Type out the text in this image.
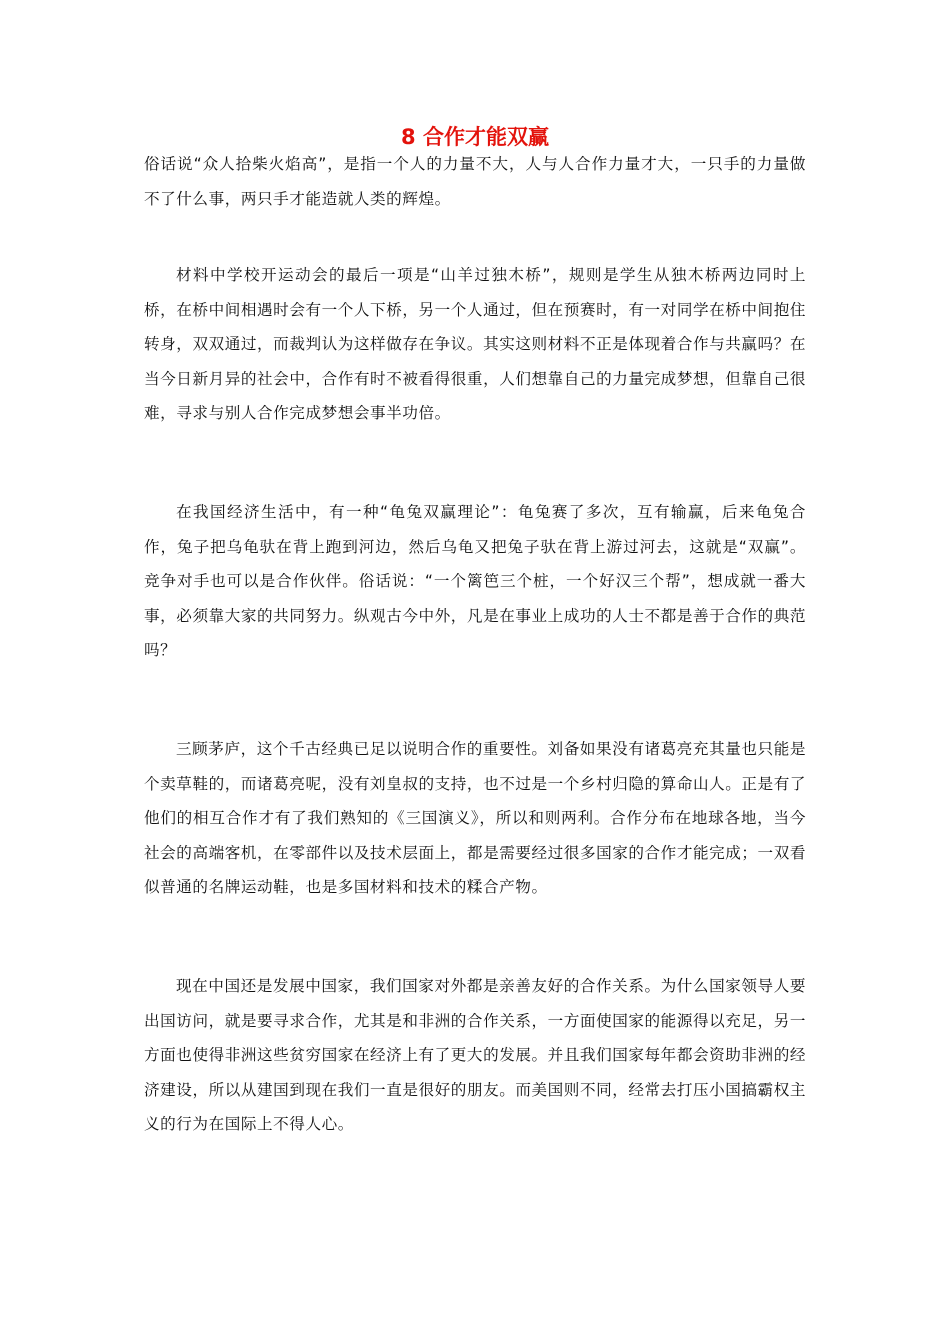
8 合作才能双赢

俗话说“众人拾柴火焰高”，是指一个人的力量不大，人与人合作力量才大，一只手的力量做不了什么事，两只手才能造就人类的辉煌。

材料中学校开运动会的最后一项是“山羊过独木桥”，规则是学生从独木桥两边同时上桥，在桥中间相遇时会有一个人下桥，另一个人通过，但在预赛时，有一对同学在桥中间抱住转身，双双通过，而裁判认为这样做存在争议。其实这则材料不正是体现着合作与共赢吗？在当今日新月异的社会中，合作有时不被看得很重，人们想靠自己的力量完成梦想，但靠自己很难，寻求与别人合作完成梦想会事半功倍。

在我国经济生活中，有一种“龟兔双赢理论”：龟兔赛了多次，互有输赢，后来龟兔合作，兔子把乌龟驮在背上跑到河边，然后乌龟又把兔子驮在背上游过河去，这就是“双赢”。竞争对手也可以是合作伙伴。俗话说：“一个篱笆三个桩，一个好汉三个帮”，想成就一番大事，必须靠大家的共同努力。纵观古今中外，凡是在事业上成功的人士不都是善于合作的典范吗？

三顾茅庐，这个千古经典已足以说明合作的重要性。刘备如果没有诸葛亮充其量也只能是个卖草鞋的，而诸葛亮呢，没有刘皇叔的支持，也不过是一个乡村归隐的算命山人。正是有了他们的相互合作才有了我们熟知的《三国演义》，所以和则两利。合作分布在地球各地，当今社会的高端客机，在零部件以及技术层面上，都是需要经过很多国家的合作才能完成；一双看似普通的名牌运动鞋，也是多国材料和技术的糅合产物。

现在中国还是发展中国家，我们国家对外都是亲善友好的合作关系。为什么国家领导人要出国访问，就是要寻求合作，尤其是和非洲的合作关系，一方面使国家的能源得以充足，另一方面也使得非洲这些贫穷国家在经济上有了更大的发展。并且我们国家每年都会资助非洲的经济建设，所以从建国到现在我们一直是很好的朋友。而美国则不同，经常去打压小国搞霸权主义的行为在国际上不得人心。
